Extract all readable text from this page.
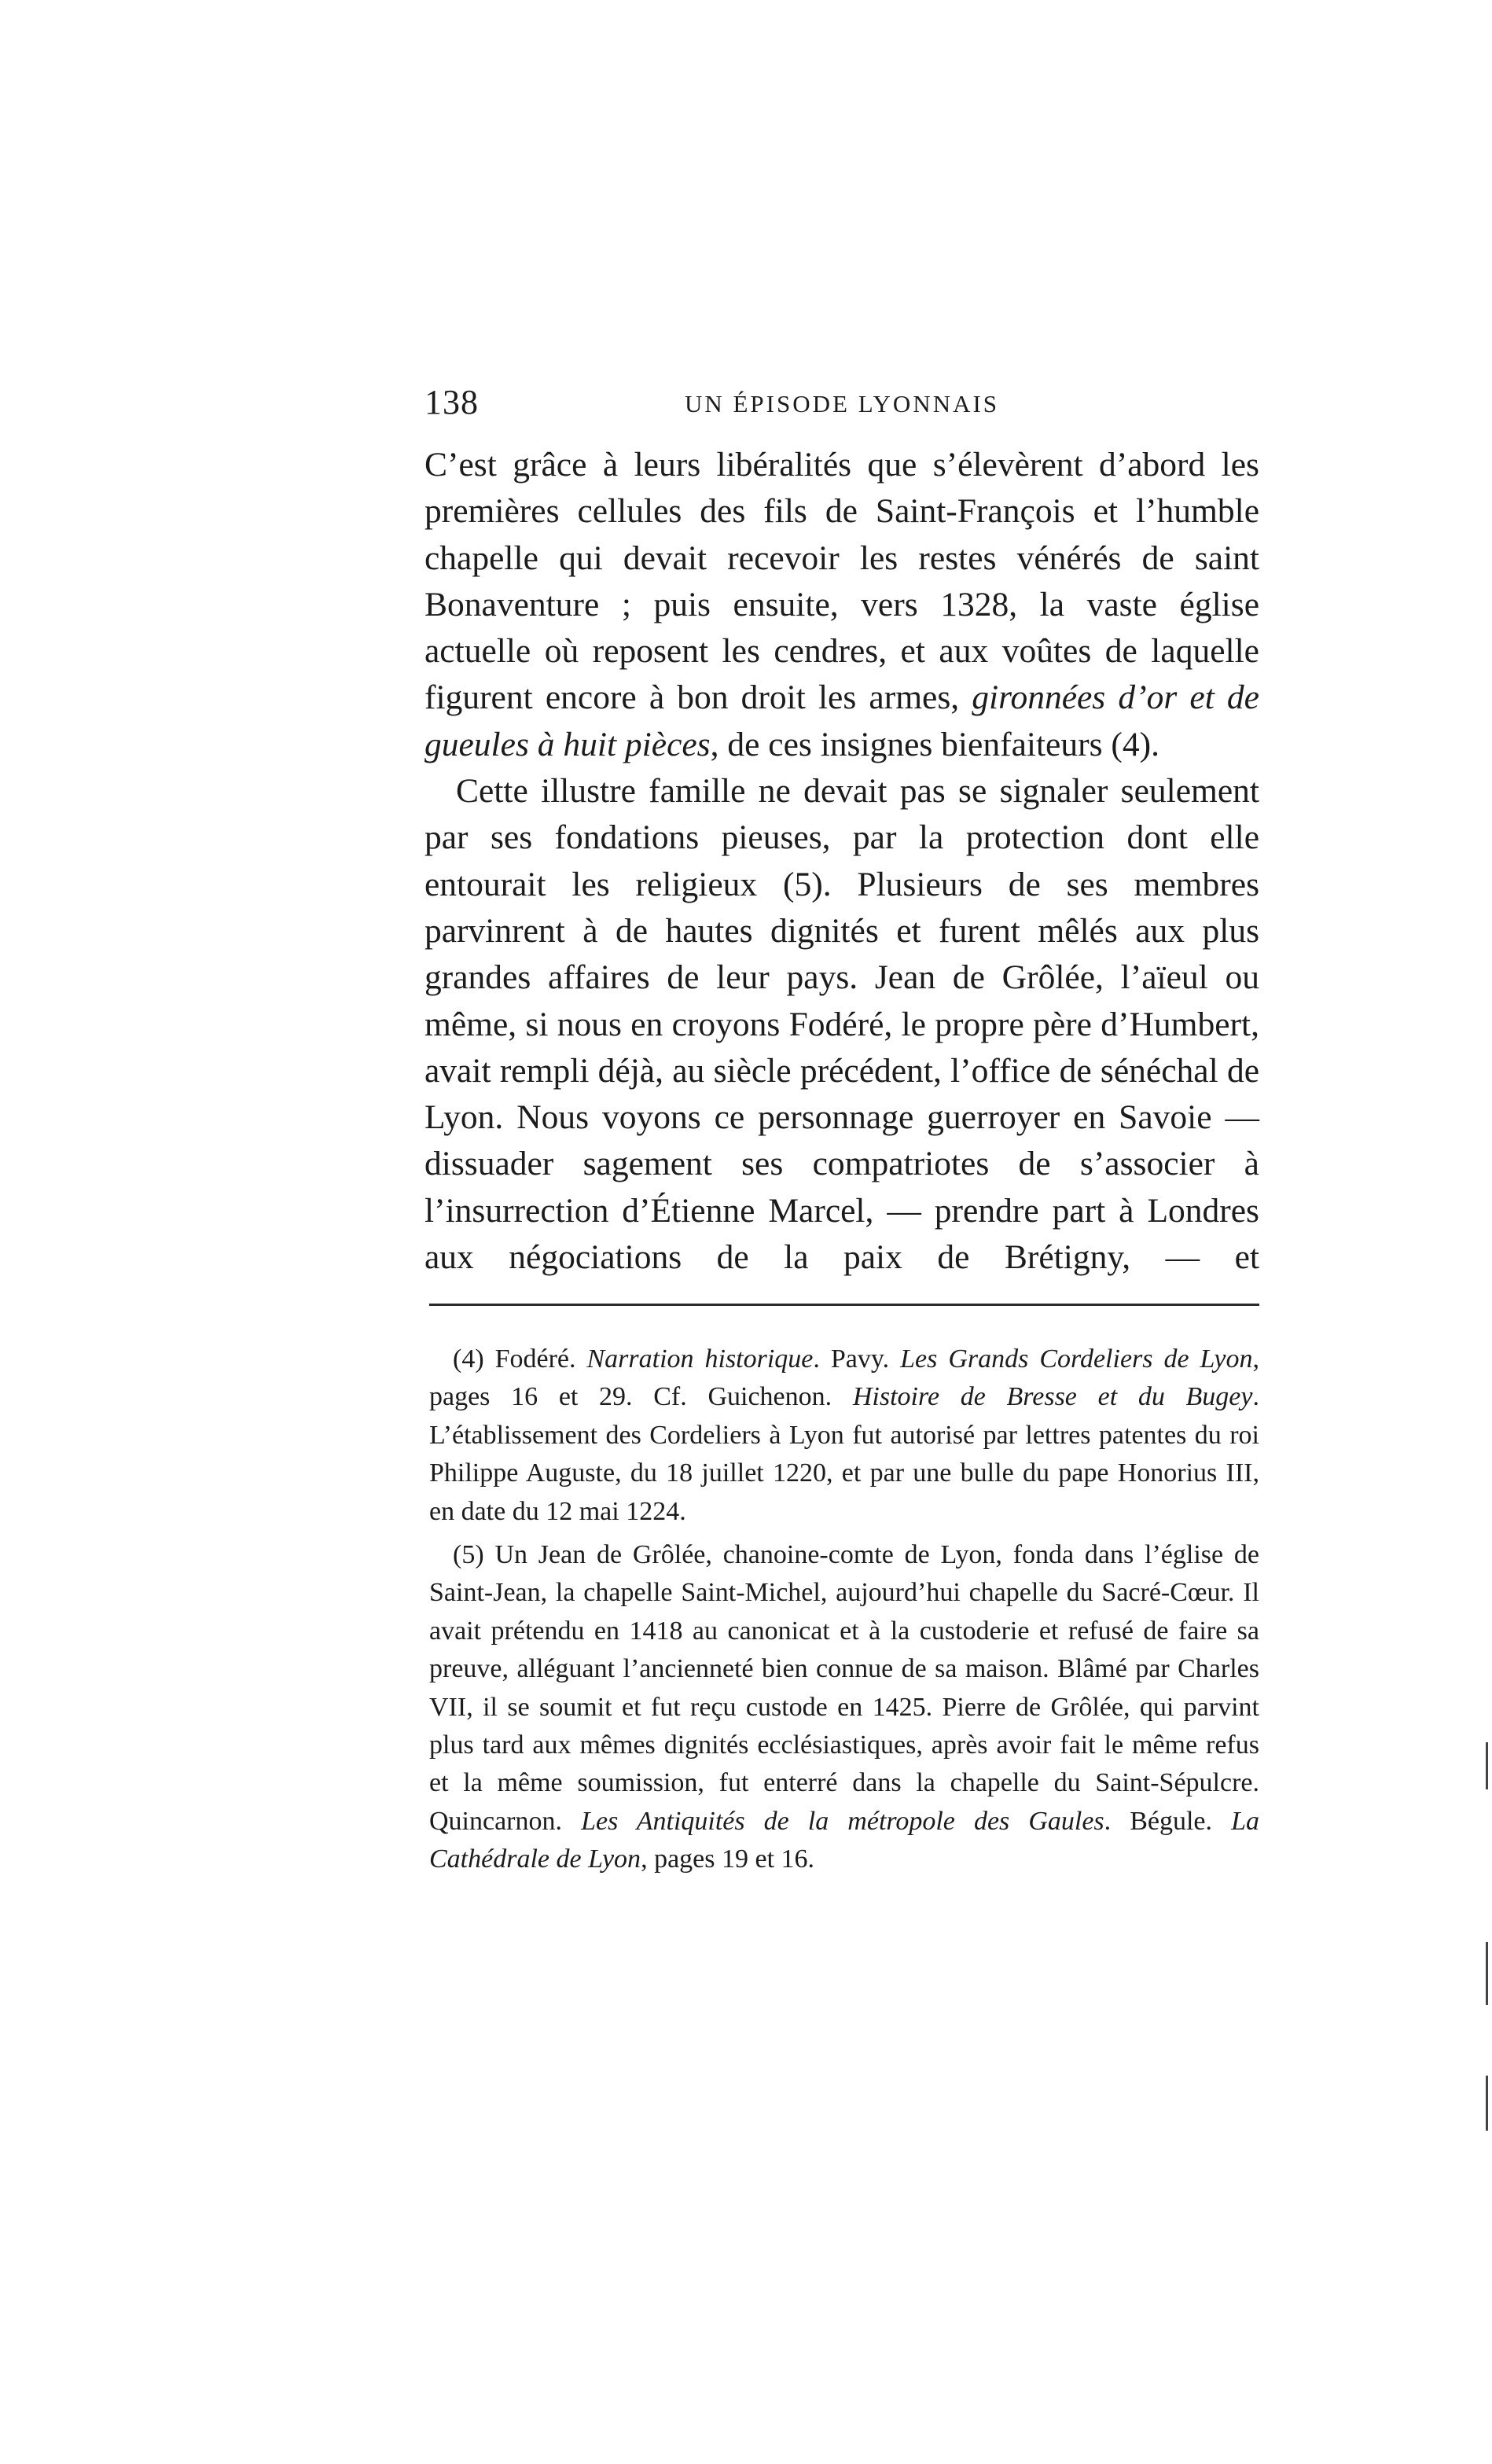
138	UN ÉPISODE LYONNAIS

C’est grâce à leurs libéralités que s’élevèrent d’abord les premières cellules des fils de Saint-François et l’humble chapelle qui devait recevoir les restes vénérés de saint Bonaventure ; puis ensuite, vers 1328, la vaste église actuelle où reposent les cendres, et aux voûtes de laquelle figurent encore à bon droit les armes, gironnées d’or et de gueules à huit pièces, de ces insignes bienfaiteurs (4).

Cette illustre famille ne devait pas se signaler seulement par ses fondations pieuses, par la protection dont elle entourait les religieux (5). Plusieurs de ses membres parvinrent à de hautes dignités et furent mêlés aux plus grandes affaires de leur pays. Jean de Grôlée, l’aïeul ou même, si nous en croyons Fodéré, le propre père d’Humbert, avait rempli déjà, au siècle précédent, l’office de sénéchal de Lyon. Nous voyons ce personnage guerroyer en Savoie — dissuader sagement ses compatriotes de s’associer à l’insurrection d’Étienne Marcel, — prendre part à Londres aux négociations de la paix de Brétigny, — et

(4) Fodéré. Narration historique. Pavy. Les Grands Cordeliers de Lyon, pages 16 et 29. Cf. Guichenon. Histoire de Bresse et du Bugey. L’établissement des Cordeliers à Lyon fut autorisé par lettres patentes du roi Philippe Auguste, du 18 juillet 1220, et par une bulle du pape Honorius III, en date du 12 mai 1224.

(5) Un Jean de Grôlée, chanoine-comte de Lyon, fonda dans l’église de Saint-Jean, la chapelle Saint-Michel, aujourd’hui chapelle du Sacré-Cœur. Il avait prétendu en 1418 au canonicat et à la custoderie et refusé de faire sa preuve, alléguant l’ancienneté bien connue de sa maison. Blâmé par Charles VII, il se soumit et fut reçu custode en 1425. Pierre de Grôlée, qui parvint plus tard aux mêmes dignités ecclésiastiques, après avoir fait le même refus et la même soumission, fut enterré dans la chapelle du Saint-Sépulcre. Quincarnon. Les Antiquités de la métropole des Gaules. Bégule. La Cathédrale de Lyon, pages 19 et 16.
